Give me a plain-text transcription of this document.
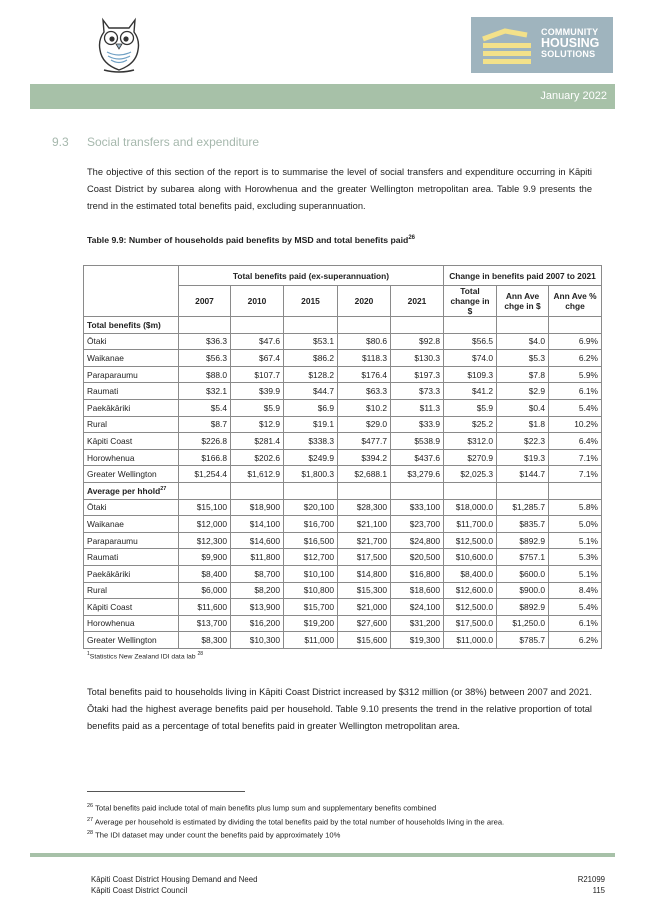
COMMUNITY
HOUSING
SOLUTIONS
January 2022
9.3 Social transfers and expenditure
The objective of this section of the report is to summarise the level of social transfers and expenditure occurring in Kāpiti Coast District by subarea along with Horowhenua and the greater Wellington metropolitan area. Table 9.9 presents the trend in the estimated total benefits paid, excluding superannuation.
Table 9.9: Number of households paid benefits by MSD and total benefits paid$^{26}$
	Total benefits paid (ex-superannuation)					Change in benefits paid 2007 to 2021		
	2007	2010	2015	2020	2021	Total change in $	Ann Ave chge in $	Ann Ave % chge
Total benefits ($m)								
Ōtaki	$36.3	$47.6	$53.1	$80.6	$92.8	$56.5	$4.0	6.9%
Waikanae	$56.3	$67.4	$86.2	$118.3	$130.3	$74.0	$5.3	6.2%
Paraparaumu	$88.0	$107.7	$128.2	$176.4	$197.3	$109.3	$7.8	5.9%
Raumati	$32.1	$39.9	$44.7	$63.3	$73.3	$41.2	$2.9	6.1%
Paekākāriki	$5.4	$5.9	$6.9	$10.2	$11.3	$5.9	$0.4	5.4%
Rural	$8.7	$12.9	$19.1	$29.0	$33.9	$25.2	$1.8	10.2%
Kāpiti Coast	$226.8	$281.4	$338.3	$477.7	$538.9	$312.0	$22.3	6.4%
Horowhenua	$166.8	$202.6	$249.9	$394.2	$437.6	$270.9	$19.3	7.1%
Greater Wellington	$1,254.4	$1,612.9	$1,800.3	$2,688.1	$3,279.6	$2,025.3	$144.7	7.1%
Average per hhold$^{27}$								
Ōtaki	$15,100	$18,900	$20,100	$28,300	$33,100	$18,000.0	$1,285.7	5.8%
Waikanae	$12,000	$14,100	$16,700	$21,100	$23,700	$11,700.0	$835.7	5.0%
Paraparaumu	$12,300	$14,600	$16,500	$21,700	$24,800	$12,500.0	$892.9	5.1%
Raumati	$9,900	$11,800	$12,700	$17,500	$20,500	$10,600.0	$757.1	5.3%
Paekākāriki	$8,400	$8,700	$10,100	$14,800	$16,800	$8,400.0	$600.0	5.1%
Rural	$6,000	$8,200	$10,800	$15,300	$18,600	$12,600.0	$900.0	8.4%
Kāpiti Coast	$11,600	$13,900	$15,700	$21,000	$24,100	$12,500.0	$892.9	5.4%
Horowhenua	$13,700	$16,200	$19,200	$27,600	$31,200	$17,500.0	$1,250.0	6.1%
Greater Wellington	$8,300	$10,300	$11,000	$15,600	$19,300	$11,000.0	$785.7	6.2%
$^1$Statistics New Zealand IDI data lab $^{28}$
Total benefits paid to households living in Kāpiti Coast District increased by $312 million (or 38%) between 2007 and 2021. Ōtaki had the highest average benefits paid per household. Table 9.10 presents the trend in the relative proportion of total benefits paid as a percentage of total benefits paid in greater Wellington metropolitan area.
$^{26}$ Total benefits paid include total of main benefits plus lump sum and supplementary benefits combined
$^{27}$ Average per household is estimated by dividing the total benefits paid by the total number of households living in the area.
$^{28}$ The IDI dataset may under count the benefits paid by approximately 10%
Kāpiti Coast District Housing Demand and Need
Kāpiti Coast District Council
R21099
115
